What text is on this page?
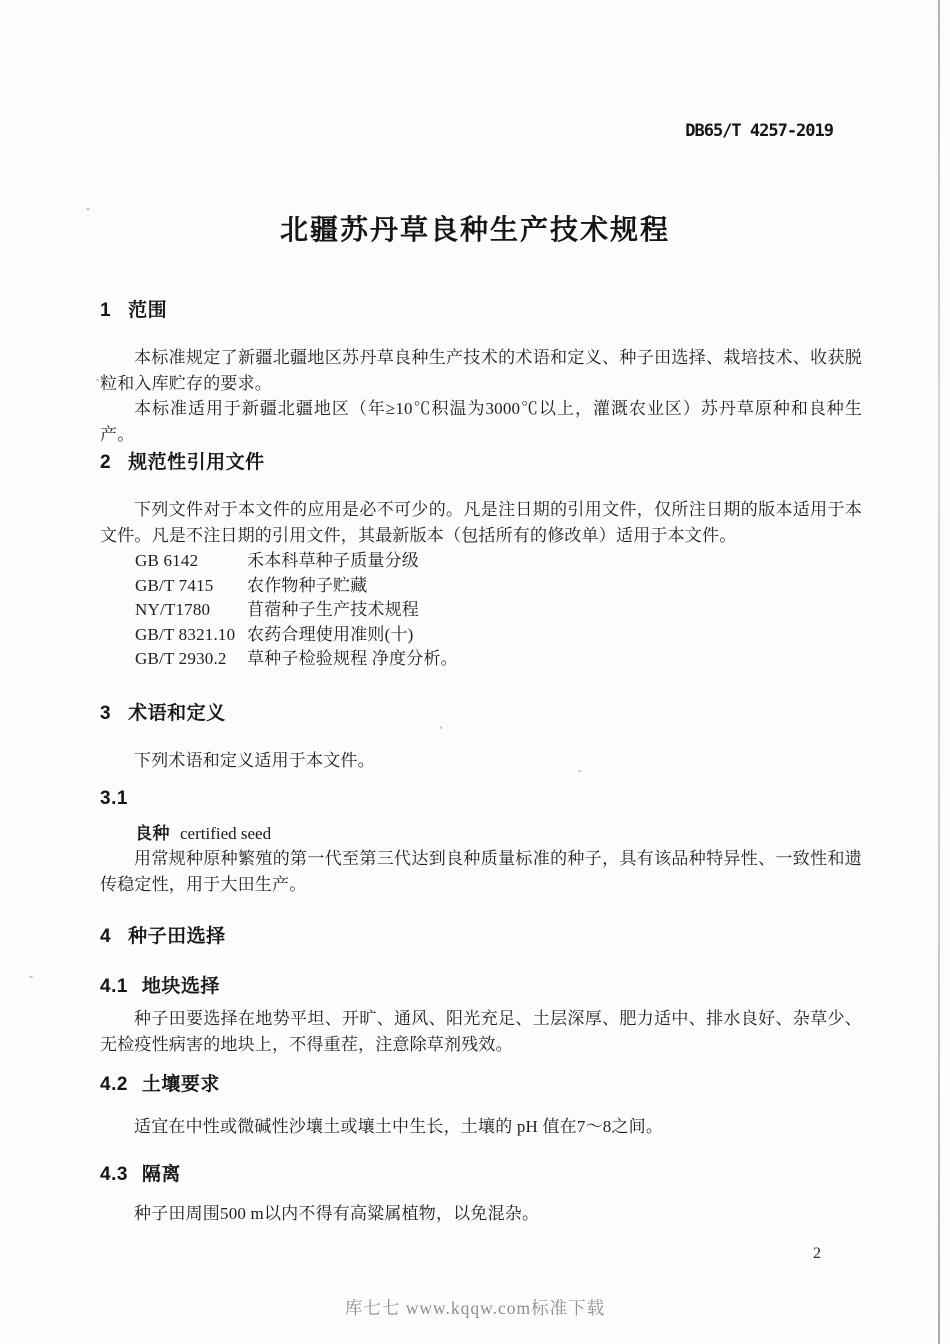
DB65/T 4257-2019
北疆苏丹草良种生产技术规程
1 范围

本标准规定了新疆北疆地区苏丹草良种生产技术的术语和定义、种子田选择、栽培技术、收获脱粒和入库贮存的要求。

本标准适用于新疆北疆地区（年≥10℃积温为3000℃以上，灌溉农业区）苏丹草原种和良种生产。

2 规范性引用文件

下列文件对于本文件的应用是必不可少的。凡是注日期的引用文件，仅所注日期的版本适用于本文件。凡是不注日期的引用文件，其最新版本（包括所有的修改单）适用于本文件。

GB 6142	禾本科草种子质量分级
GB/T 7415	农作物种子贮藏
NY/T1780	苜蓿种子生产技术规程
GB/T 8321.10 农药合理使用准则(十)
GB/T 2930.2	草种子检验规程 净度分析。
3 术语和定义

下列术语和定义适用于本文件。

3.1
良种 certified seed

用常规种原种繁殖的第一代至第三代达到良种质量标准的种子，具有该品种特异性、一致性和遗传稳定性，用于大田生产。

4 种子田选择
4.1 地块选择

种子田要选择在地势平坦、开旷、通风、阳光充足、土层深厚、肥力适中、排水良好、杂草少、无检疫性病害的地块上，不得重茬，注意除草剂残效。

4.2 土壤要求

适宜在中性或微碱性沙壤土或壤土中生长，土壤的 pH 值在7～8之间。

4.3 隔离

种子田周围500 m以内不得有高粱属植物，以免混杂。

2
库七七 www.kqqw.com标准下载
